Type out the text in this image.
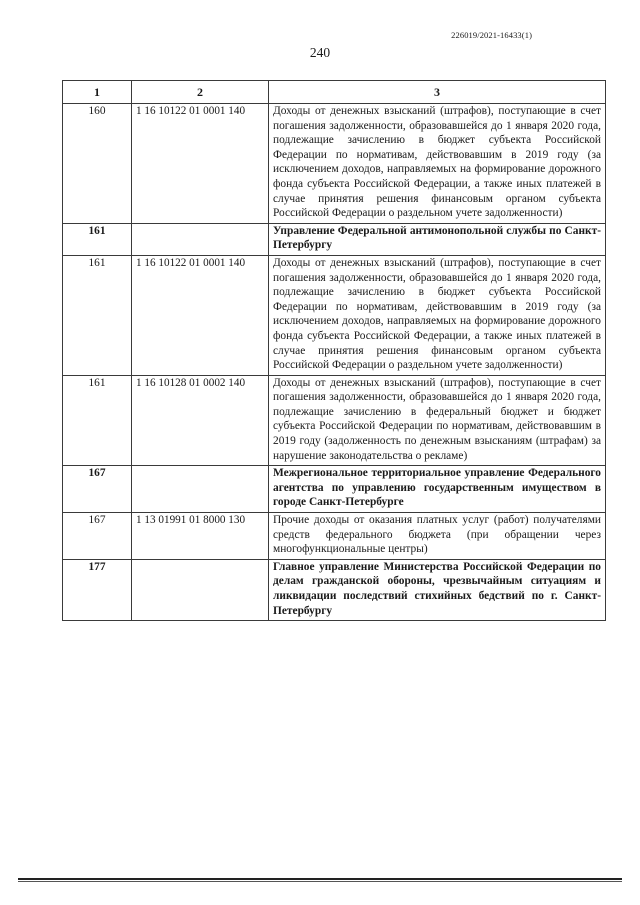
226019/2021-16433(1)
240
1	2	3
160	1 16 10122 01 0001 140	Доходы от денежных взысканий (штрафов), поступающие в счет погашения задолженности, образовавшейся до 1 января 2020 года, подлежащие зачислению в бюджет субъекта Российской Федерации по нормативам, действовавшим в 2019 году (за исключением доходов, направляемых на формирование дорожного фонда субъекта Российской Федерации, а также иных платежей в случае принятия решения финансовым органом субъекта Российской Федерации о раздельном учете задолженности)
161		Управление Федеральной антимонопольной службы по Санкт-Петербургу
161	1 16 10122 01 0001 140	Доходы от денежных взысканий (штрафов), поступающие в счет погашения задолженности, образовавшейся до 1 января 2020 года, подлежащие зачислению в бюджет субъекта Российской Федерации по нормативам, действовавшим в 2019 году (за исключением доходов, направляемых на формирование дорожного фонда субъекта Российской Федерации, а также иных платежей в случае принятия решения финансовым органом субъекта Российской Федерации о раздельном учете задолженности)
161	1 16 10128 01 0002 140	Доходы от денежных взысканий (штрафов), поступающие в счет погашения задолженности, образовавшейся до 1 января 2020 года, подлежащие зачислению в федеральный бюджет и бюджет субъекта Российской Федерации по нормативам, действовавшим в 2019 году (задолженность по денежным взысканиям (штрафам) за нарушение законодательства о рекламе)
167		Межрегиональное территориальное управление Федерального агентства по управлению государственным имуществом в городе Санкт-Петербурге
167	1 13 01991 01 8000 130	Прочие доходы от оказания платных услуг (работ) получателями средств федерального бюджета (при обращении через многофункциональные центры)
177		Главное управление Министерства Российской Федерации по делам гражданской обороны, чрезвычайным ситуациям и ликвидации последствий стихийных бедствий по г. Санкт-Петербургу
